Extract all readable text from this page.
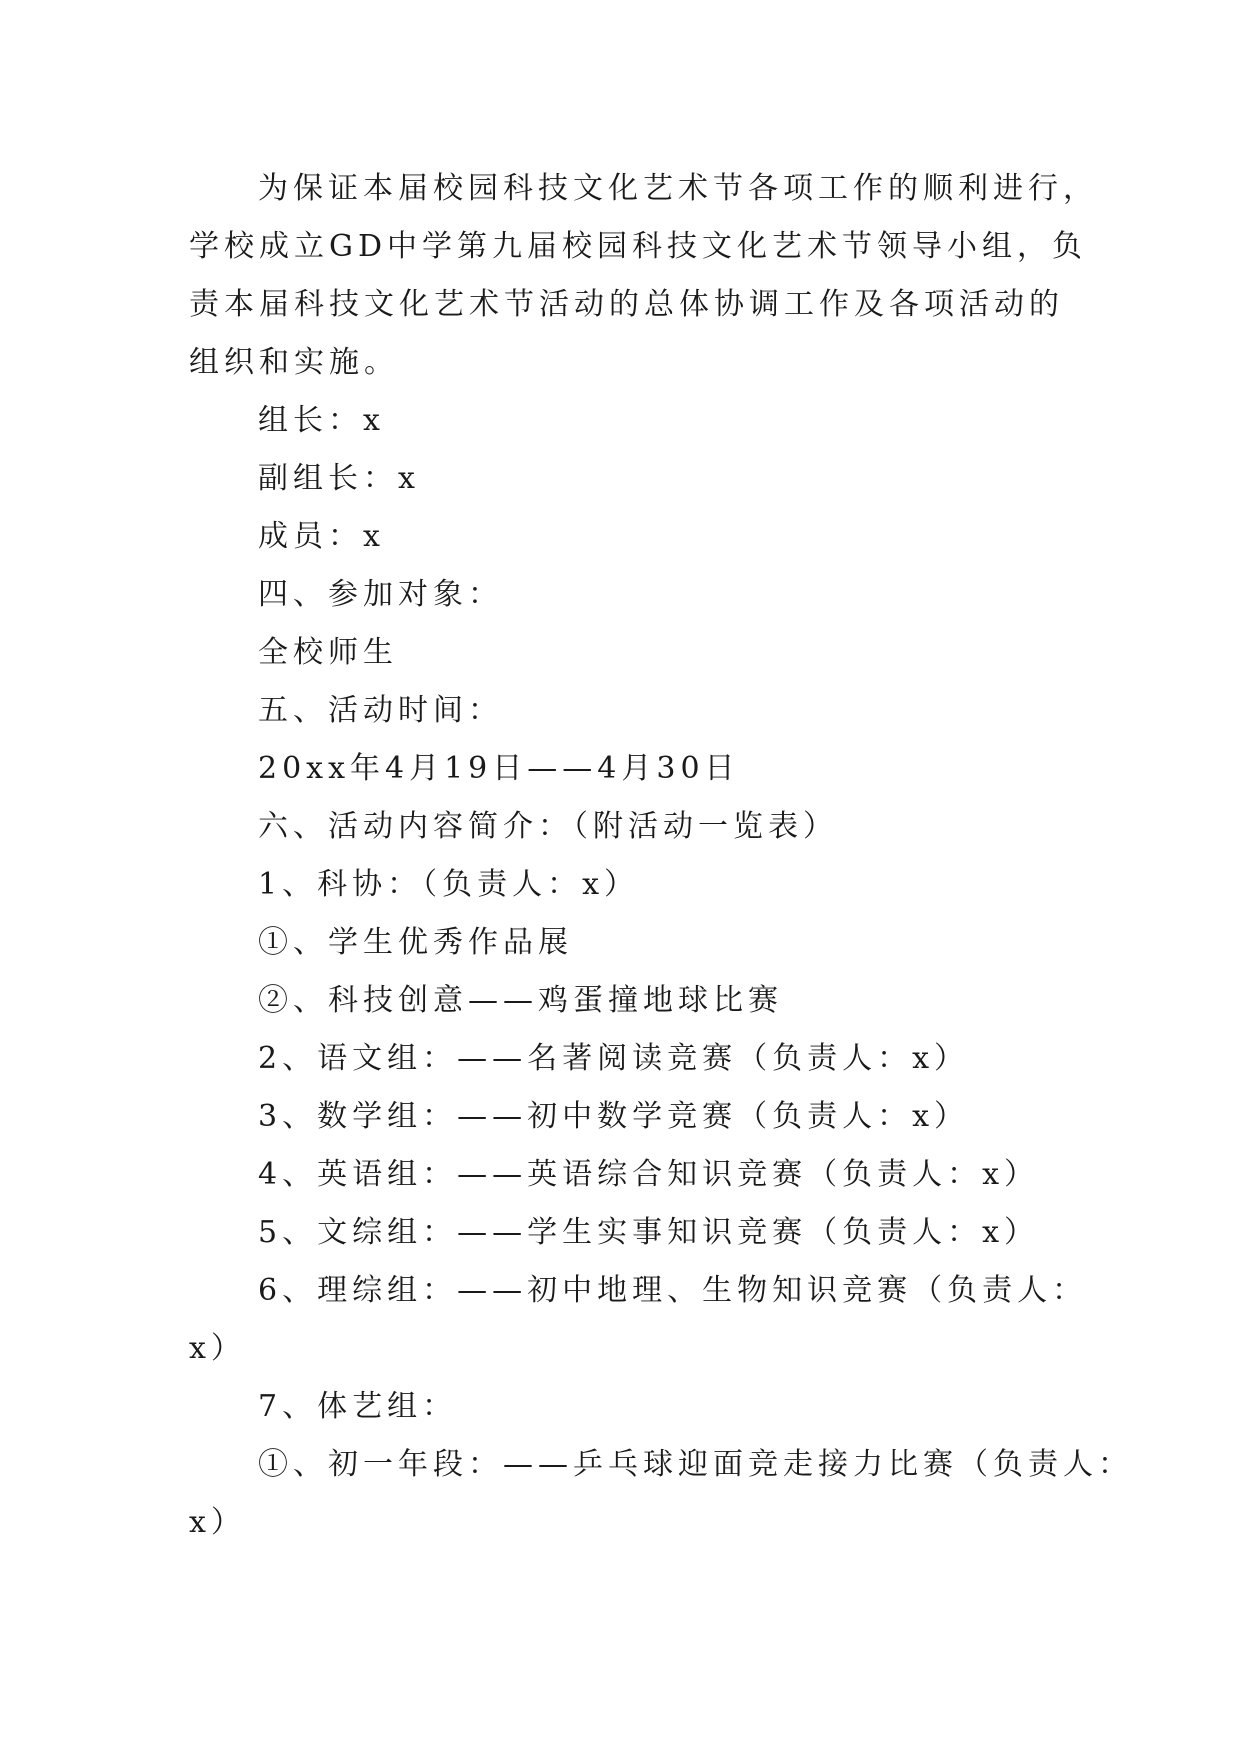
为保证本届校园科技文化艺术节各项工作的顺利进行，
学校成立GD中学第九届校园科技文化艺术节领导小组，负
责本届科技文化艺术节活动的总体协调工作及各项活动的
组织和实施。
组长：x
副组长：x
成员：x
四、参加对象：
全校师生
五、活动时间：
20xx年4月19日——4月30日
六、活动内容简介：（附活动一览表）
1、科协：（负责人：x）
①、学生优秀作品展
②、科技创意——鸡蛋撞地球比赛
2、语文组：——名著阅读竞赛（负责人：x）
3、数学组：——初中数学竞赛（负责人：x）
4、英语组：——英语综合知识竞赛（负责人：x）
5、文综组：——学生实事知识竞赛（负责人：x）
6、理综组：——初中地理、生物知识竞赛（负责人：
x）
7、体艺组：
①、初一年段：——乒乓球迎面竞走接力比赛（负责人：
x）
